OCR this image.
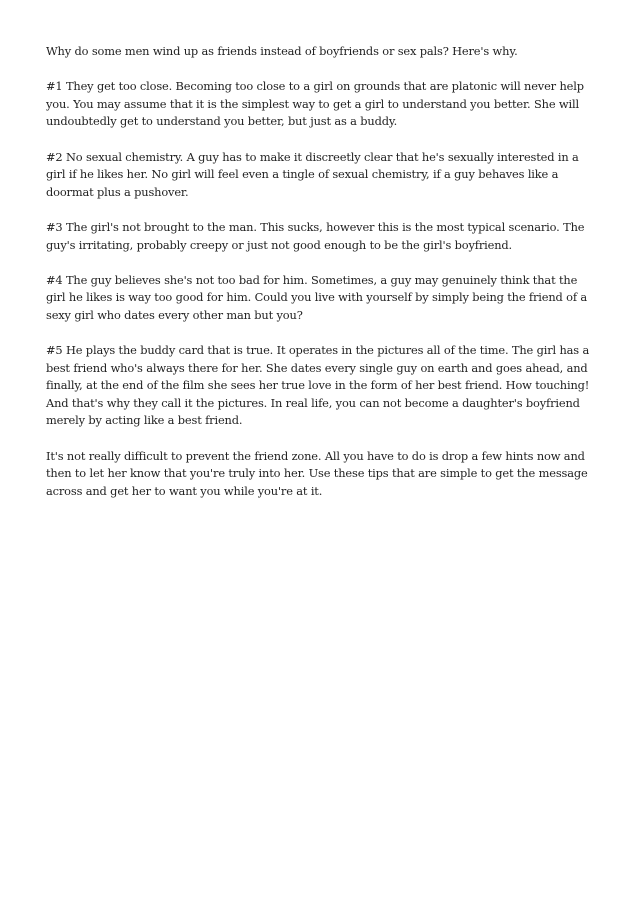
Why do some men wind up as friends instead of boyfriends or sex pals? Here's why.

#1 They get too close. Becoming too close to a girl on grounds that are platonic will never help you. You may assume that it is the simplest way to get a girl to understand you better. She will undoubtedly get to understand you better, but just as a buddy.

#2 No sexual chemistry. A guy has to make it discreetly clear that he's sexually interested in a girl if he likes her. No girl will feel even a tingle of sexual chemistry, if a guy behaves like a doormat plus a pushover.

#3 The girl's not brought to the man. This sucks, however this is the most typical scenario. The guy's irritating, probably creepy or just not good enough to be the girl's boyfriend.

#4 The guy believes she's not too bad for him. Sometimes, a guy may genuinely think that the girl he likes is way too good for him. Could you live with yourself by simply being the friend of a sexy girl who dates every other man but you?

#5 He plays the buddy card that is true. It operates in the pictures all of the time. The girl has a best friend who's always there for her. She dates every single guy on earth and goes ahead, and finally, at the end of the film she sees her true love in the form of her best friend. How touching! And that's why they call it the pictures. In real life, you can not become a daughter's boyfriend merely by acting like a best friend.

It's not really difficult to prevent the friend zone. All you have to do is drop a few hints now and then to let her know that you're truly into her. Use these tips that are simple to get the message across and get her to want you while you're at it.
